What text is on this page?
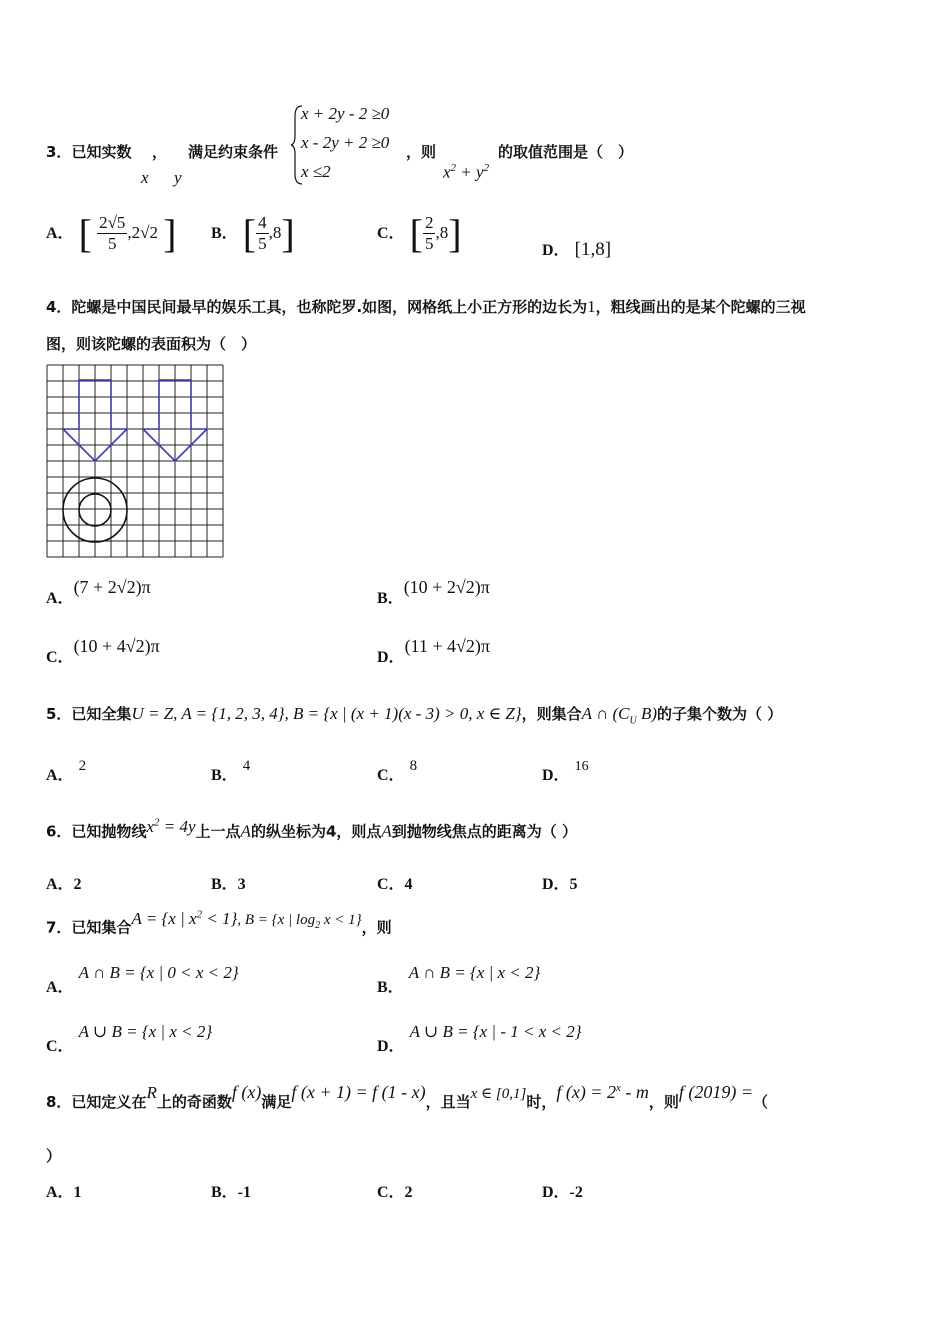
3．已知实数 ， 满足约束条件
x y
x + 2y - 2 ≥0
x - 2y + 2 ≥0
x ≤2
，则
$x^2 + y^2$
的取值范围是（　）
A． [ $\frac{2√5}{5} ,2√2$ ] B． [ $\frac{4}{5} ,8$]	C． [ $\frac{2}{5} ,8$]	D． [1,8]
4．陀螺是中国民间最早的娱乐工具，也称陀罗.如图，网格纸上小正方形的边长为1，粗线画出的是某个陀螺的三视
图，则该陀螺的表面积为（　）
A．(7 + 2√2)π
B．(10 + 2√2)π
C．(10 + 4√2)π
D．(11 + 4√2)π
5．已知全集U = Z, A = {1, 2, 3, 4}, B = {x | (x + 1)(x - 3) > 0, x ∈ Z}，则集合A ∩ ($C_U$ B)的子集个数为（ ）
A． 2
B． 4
C． 8
D． 16
6．已知抛物线$x^2 = 4y$上一点A的纵坐标为4，则点A到抛物线焦点的距离为（ ）
A．2	B．3	C．4	D．5
7．已知集合A = {x | $x^2 < 1$}, B = {x | $\log_2 x < 1$}，则
A． A ∩ B = {x | 0 < x < 2}
B． A ∩ B = {x | x < 2}
C． A ∪ B = {x | x < 2}
D． A ∪ B = {x | - 1 < x < 2}
8．已知定义在R上的奇函数f (x)满足f (x + 1) = f (1 - x)，且当x ∈ [0,1]时，f $(x) = 2^x - m$，则f (2019) =（
）
A．1	B．-1	C．2	D．-2
